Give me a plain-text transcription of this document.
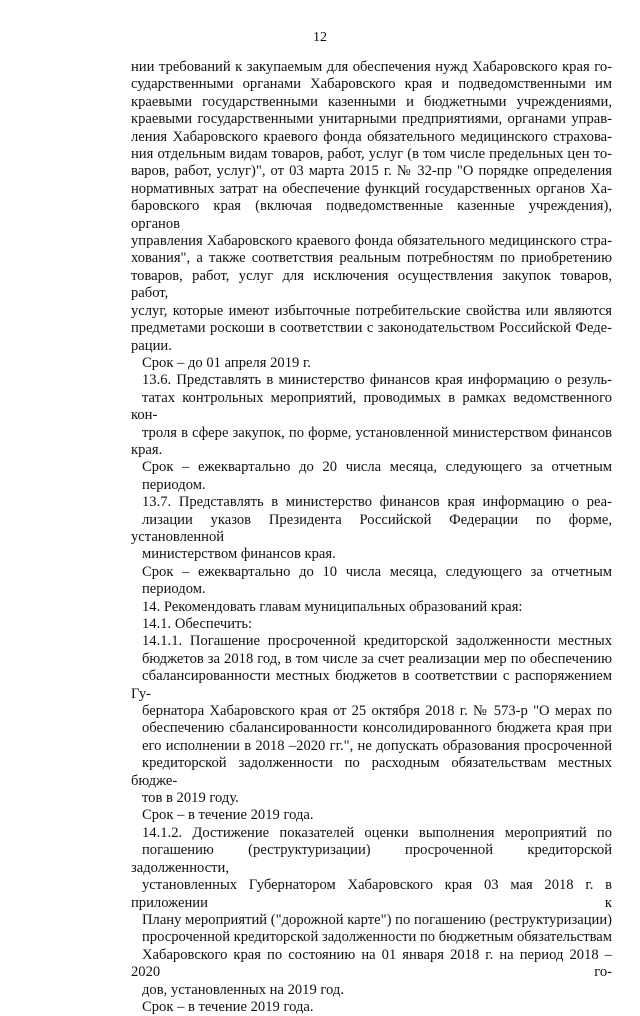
12
нии требований к закупаемым для обеспечения нужд Хабаровского края го-
сударственными органами Хабаровского края и подведомственными им
краевыми государственными казенными и бюджетными учреждениями,
краевыми государственными унитарными предприятиями, органами управ-
ления Хабаровского краевого фонда обязательного медицинского страхова-
ния отдельным видам товаров, работ, услуг (в том числе предельных цен то-
варов, работ, услуг)", от 03 марта 2015 г. № 32-пр "О порядке определения
нормативных затрат на обеспечение функций государственных органов Ха-
баровского края (включая подведомственные казенные учреждения), органов
управления Хабаровского краевого фонда обязательного медицинского стра-
хования", а также соответствия реальным потребностям по приобретению
товаров, работ, услуг для исключения осуществления закупок товаров, работ,
услуг, которые имеют избыточные потребительские свойства или являются
предметами роскоши в соответствии с законодательством Российской Феде-
рации.
Срок – до 01 апреля 2019 г.
13.6. Представлять в министерство финансов края информацию о резуль-
татах контрольных мероприятий, проводимых в рамках ведомственного кон-
троля в сфере закупок, по форме, установленной министерством финансов края.
Срок – ежеквартально до 20 числа месяца, следующего за отчетным
периодом.
13.7. Представлять в министерство финансов края информацию о реа-
лизации указов Президента Российской Федерации по форме, установленной
министерством финансов края.
Срок – ежеквартально до 10 числа месяца, следующего за отчетным
периодом.
14. Рекомендовать главам муниципальных образований края:
14.1. Обеспечить:
14.1.1. Погашение просроченной кредиторской задолженности местных
бюджетов за 2018 год, в том числе за счет реализации мер по обеспечению
сбалансированности местных бюджетов в соответствии с распоряжением Гу-
бернатора Хабаровского края от 25 октября 2018 г. № 573-р "О мерах по
обеспечению сбалансированности консолидированного бюджета края при
его исполнении в 2018 –2020 гг.", не допускать образования просроченной
кредиторской задолженности по расходным обязательствам местных бюдже-
тов в 2019 году.
Срок – в течение 2019 года.
14.1.2. Достижение показателей оценки выполнения мероприятий по
погашению (реструктуризации) просроченной кредиторской задолженности,
установленных Губернатором Хабаровского края 03 мая 2018 г. в приложении к
Плану мероприятий ("дорожной карте") по погашению (реструктуризации)
просроченной кредиторской задолженности по бюджетным обязательствам
Хабаровского края по состоянию на 01 января 2018 г. на период 2018 – 2020 го-
дов, установленных на 2019 год.
Срок – в течение 2019 года.
